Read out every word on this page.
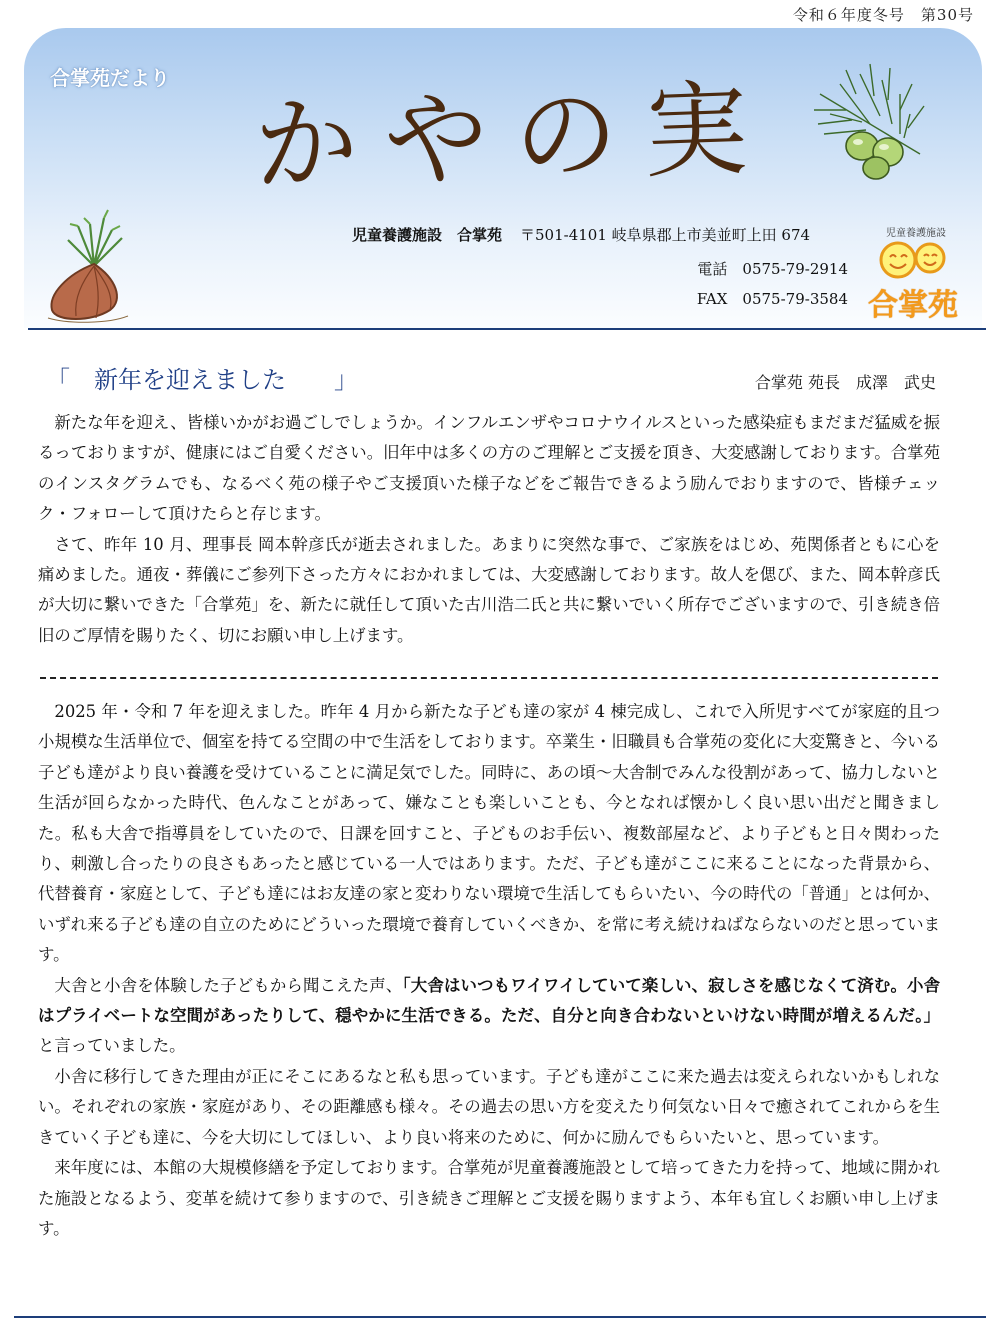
令和６年度冬号　第30号
合掌苑だより かやの実
児童養護施設　合掌苑 〒501-4101 岐阜県郡上市美並町上田 674
電話　0575-79-2914
FAX　0575-79-3584
児童養護施設
合掌苑
「　新年を迎えました　　」	合掌苑 苑長　成澤　武史

新たな年を迎え、皆様いかがお過ごしでしょうか。インフルエンザやコロナウイルスといった感染症もまだまだ猛威を振るっておりますが、健康にはご自愛ください。旧年中は多くの方のご理解とご支援を頂き、大変感謝しております。合掌苑のインスタグラムでも、なるべく苑の様子やご支援頂いた様子などをご報告できるよう励んでおりますので、皆様チェック・フォローして頂けたらと存じます。

さて、昨年 10 月、理事長 岡本幹彦氏が逝去されました。あまりに突然な事で、ご家族をはじめ、苑関係者ともに心を痛めました。通夜・葬儀にご参列下さった方々におかれましては、大変感謝しております。故人を偲び、また、岡本幹彦氏が大切に繋いできた「合掌苑」を、新たに就任して頂いた古川浩二氏と共に繋いでいく所存でございますので、引き続き倍旧のご厚情を賜りたく、切にお願い申し上げます。

2025 年・令和 7 年を迎えました。昨年 4 月から新たな子ども達の家が 4 棟完成し、これで入所児すべてが家庭的且つ小規模な生活単位で、個室を持てる空間の中で生活をしております。卒業生・旧職員も合掌苑の変化に大変驚きと、今いる子ども達がより良い養護を受けていることに満足気でした。同時に、あの頃～大舎制でみんな役割があって、協力しないと生活が回らなかった時代、色んなことがあって、嫌なことも楽しいことも、今となれば懐かしく良い思い出だと聞きました。私も大舎で指導員をしていたので、日課を回すこと、子どものお手伝い、複数部屋など、より子どもと日々関わったり、刺激し合ったりの良さもあったと感じている一人ではあります。ただ、子ども達がここに来ることになった背景から、代替養育・家庭として、子ども達にはお友達の家と変わりない環境で生活してもらいたい、今の時代の「普通」とは何か、いずれ来る子ども達の自立のためにどういった環境で養育していくべきか、を常に考え続けねばならないのだと思っています。

大舎と小舎を体験した子どもから聞こえた声、「大舎はいつもワイワイしていて楽しい、寂しさを感じなくて済む。小舎はプライベートな空間があったりして、穏やかに生活できる。ただ、自分と向き合わないといけない時間が増えるんだ。」と言っていました。

小舎に移行してきた理由が正にそこにあるなと私も思っています。子ども達がここに来た過去は変えられないかもしれない。それぞれの家族・家庭があり、その距離感も様々。その過去の思い方を変えたり何気ない日々で癒されてこれからを生きていく子ども達に、今を大切にしてほしい、より良い将来のために、何かに励んでもらいたいと、思っています。

来年度には、本館の大規模修繕を予定しております。合掌苑が児童養護施設として培ってきた力を持って、地域に開かれた施設となるよう、変革を続けて参りますので、引き続きご理解とご支援を賜りますよう、本年も宜しくお願い申し上げます。
